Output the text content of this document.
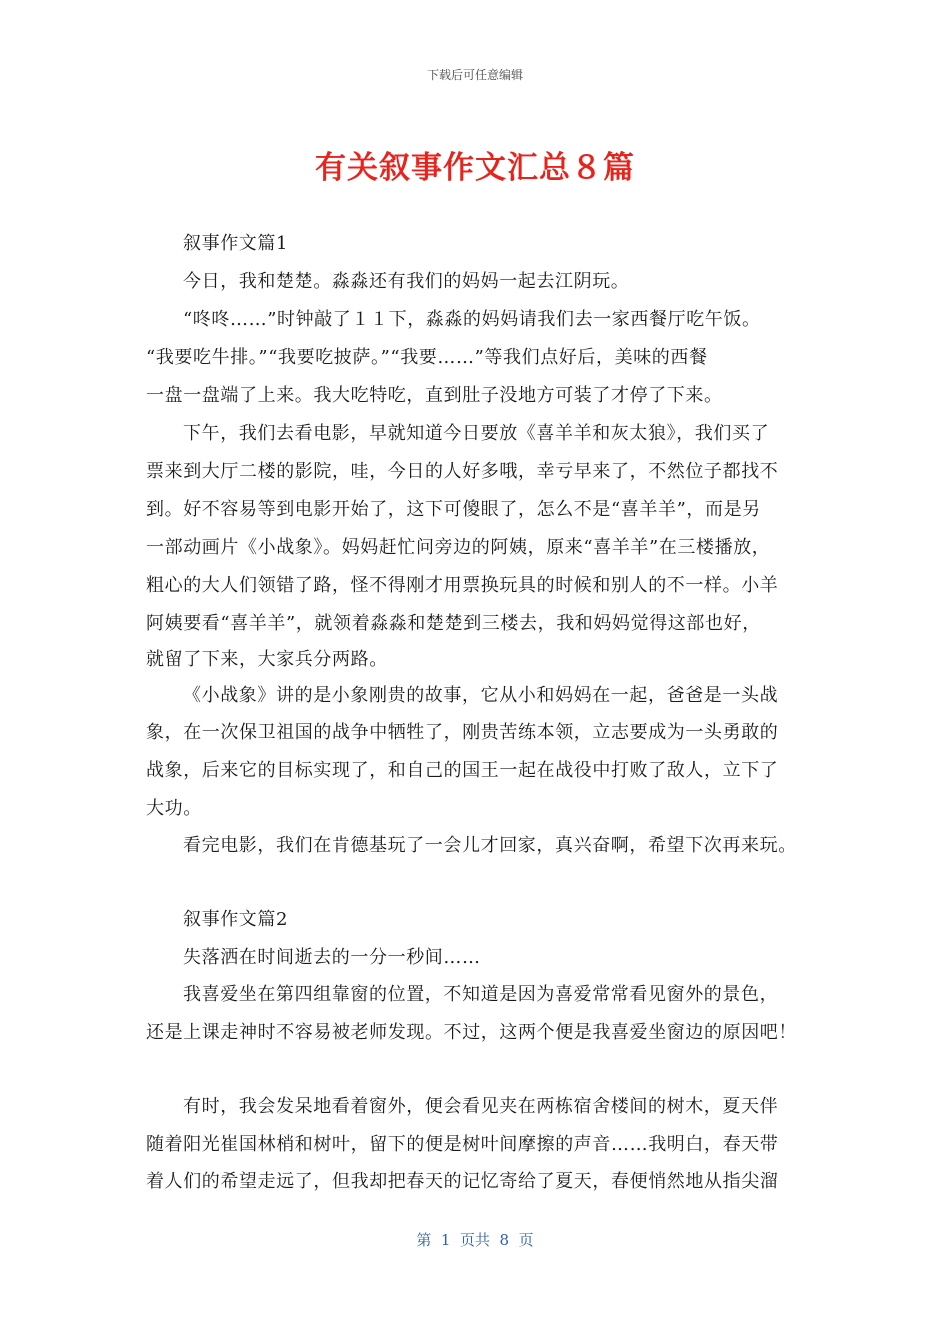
下载后可任意编辑
有关叙事作文汇总８篇
叙事作文篇1
今日，我和楚楚。淼淼还有我们的妈妈一起去江阴玩。
“咚咚……”时钟敲了１１下，淼淼的妈妈请我们去一家西餐厅吃午饭。
“我要吃牛排。”“我要吃披萨。”“我要……”等我们点好后，美味的西餐
一盘一盘端了上来。我大吃特吃，直到肚子没地方可装了才停了下来。
下午，我们去看电影，早就知道今日要放《喜羊羊和灰太狼》，我们买了
票来到大厅二楼的影院，哇，今日的人好多哦，幸亏早来了，不然位子都找不
到。好不容易等到电影开始了，这下可傻眼了，怎么不是“喜羊羊”，而是另
一部动画片《小战象》。妈妈赶忙问旁边的阿姨，原来“喜羊羊”在三楼播放，
粗心的大人们领错了路，怪不得刚才用票换玩具的时候和别人的不一样。小羊
阿姨要看“喜羊羊”，就领着淼淼和楚楚到三楼去，我和妈妈觉得这部也好，
就留了下来，大家兵分两路。
《小战象》讲的是小象刚贵的故事，它从小和妈妈在一起，爸爸是一头战
象，在一次保卫祖国的战争中牺牲了，刚贵苦练本领，立志要成为一头勇敢的
战象，后来它的目标实现了，和自己的国王一起在战役中打败了敌人，立下了
大功。
看完电影，我们在肯德基玩了一会儿才回家，真兴奋啊，希望下次再来玩。
叙事作文篇2
失落洒在时间逝去的一分一秒间……
我喜爱坐在第四组靠窗的位置，不知道是因为喜爱常常看见窗外的景色，
还是上课走神时不容易被老师发现。不过，这两个便是我喜爱坐窗边的原因吧！
有时，我会发呆地看着窗外，便会看见夹在两栋宿舍楼间的树木，夏天伴
随着阳光崔国林梢和树叶，留下的便是树叶间摩擦的声音……我明白，春天带
着人们的希望走远了，但我却把春天的记忆寄给了夏天，春便悄然地从指尖溜
第  1  页共  8  页
